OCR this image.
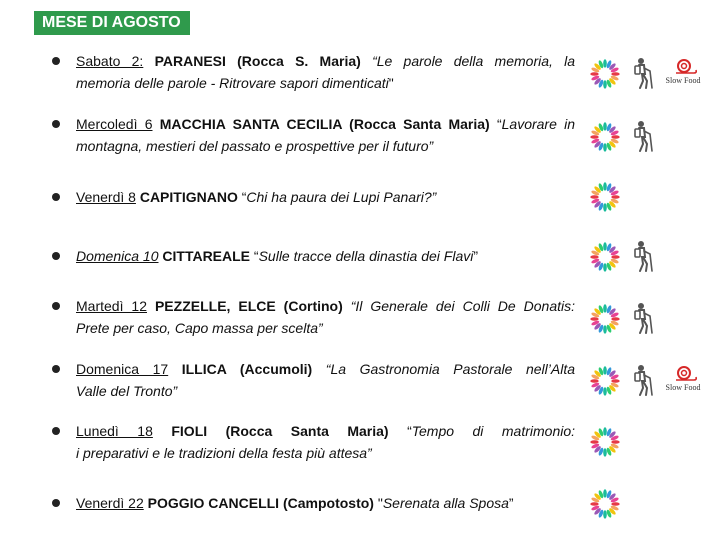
MESE DI AGOSTO
Sabato 2: PARANESI (Rocca S. Maria) “Le parole della memoria, la
memoria delle parole - Ritrovare sapori dimenticati"
Mercoledì 6 MACCHIA SANTA CECILIA (Rocca Santa Maria) “Lavorare in
montagna, mestieri del passato e prospettive per il futuro”
Venerdì 8 CAPITIGNANO “Chi ha paura dei Lupi Panari?”
Domenica 10 CITTAREALE “Sulle tracce della dinastia dei Flavi”
Martedì 12 PEZZELLE, ELCE (Cortino) “Il Generale dei Colli De Donatis:
Prete per caso, Capo massa per scelta”
Domenica 17 ILLICA (Accumoli) “La Gastronomia Pastorale nell’Alta
Valle del Tronto”
Lunedì 18 FIOLI (Rocca Santa Maria) “Tempo di matrimonio:
i preparativi e le tradizioni della festa più attesa”
Venerdì 22 POGGIO CANCELLI (Campotosto) "Serenata alla Sposa”
Slow Food
Slow Food
